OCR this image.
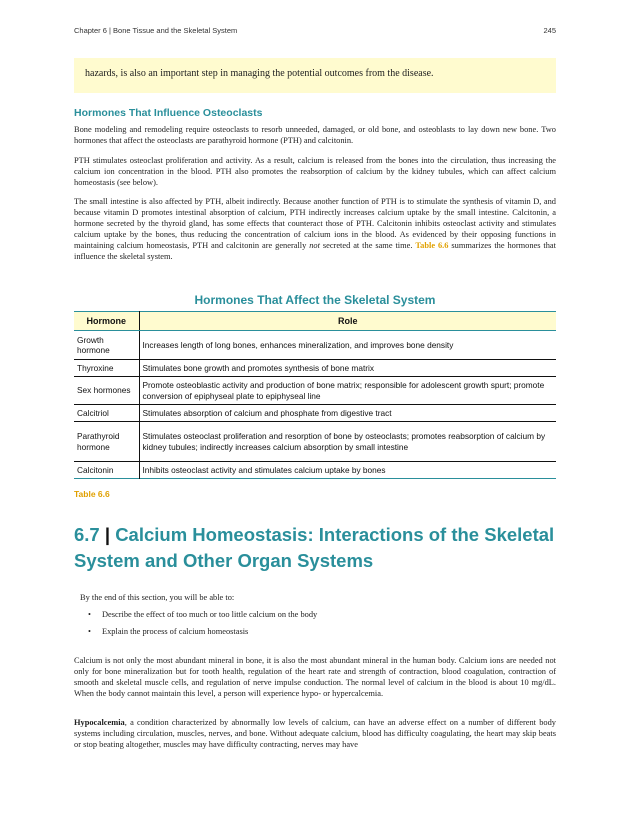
Chapter 6 | Bone Tissue and the Skeletal System	245
hazards, is also an important step in managing the potential outcomes from the disease.
Hormones That Influence Osteoclasts

Bone modeling and remodeling require osteoclasts to resorb unneeded, damaged, or old bone, and osteoblasts to lay down new bone. Two hormones that affect the osteoclasts are parathyroid hormone (PTH) and calcitonin.

PTH stimulates osteoclast proliferation and activity. As a result, calcium is released from the bones into the circulation, thus increasing the calcium ion concentration in the blood. PTH also promotes the reabsorption of calcium by the kidney tubules, which can affect calcium homeostasis (see below).

The small intestine is also affected by PTH, albeit indirectly. Because another function of PTH is to stimulate the synthesis of vitamin D, and because vitamin D promotes intestinal absorption of calcium, PTH indirectly increases calcium uptake by the small intestine. Calcitonin, a hormone secreted by the thyroid gland, has some effects that counteract those of PTH. Calcitonin inhibits osteoclast activity and stimulates calcium uptake by the bones, thus reducing the concentration of calcium ions in the blood. As evidenced by their opposing functions in maintaining calcium homeostasis, PTH and calcitonin are generally not secreted at the same time. Table 6.6 summarizes the hormones that influence the skeletal system.

Hormones That Affect the Skeletal System
Hormone	Role
Growth hormone	Increases length of long bones, enhances mineralization, and improves bone density
Thyroxine	Stimulates bone growth and promotes synthesis of bone matrix
Sex hormones	Promote osteoblastic activity and production of bone matrix; responsible for adolescent growth spurt; promote conversion of epiphyseal plate to epiphyseal line
Calcitriol	Stimulates absorption of calcium and phosphate from digestive tract
Parathyroid hormone	Stimulates osteoclast proliferation and resorption of bone by osteoclasts; promotes reabsorption of calcium by kidney tubules; indirectly increases calcium absorption by small intestine
Calcitonin	Inhibits osteoclast activity and stimulates calcium uptake by bones
Table 6.6
6.7 | Calcium Homeostasis: Interactions of the Skeletal System and Other Organ Systems

By the end of this section, you will be able to:

• Describe the effect of too much or too little calcium on the body
• Explain the process of calcium homeostasis

Calcium is not only the most abundant mineral in bone, it is also the most abundant mineral in the human body. Calcium ions are needed not only for bone mineralization but for tooth health, regulation of the heart rate and strength of contraction, blood coagulation, contraction of smooth and skeletal muscle cells, and regulation of nerve impulse conduction. The normal level of calcium in the blood is about 10 mg/dL. When the body cannot maintain this level, a person will experience hypo- or hypercalcemia.

Hypocalcemia, a condition characterized by abnormally low levels of calcium, can have an adverse effect on a number of different body systems including circulation, muscles, nerves, and bone. Without adequate calcium, blood has difficulty coagulating, the heart may skip beats or stop beating altogether, muscles may have difficulty contracting, nerves may have
